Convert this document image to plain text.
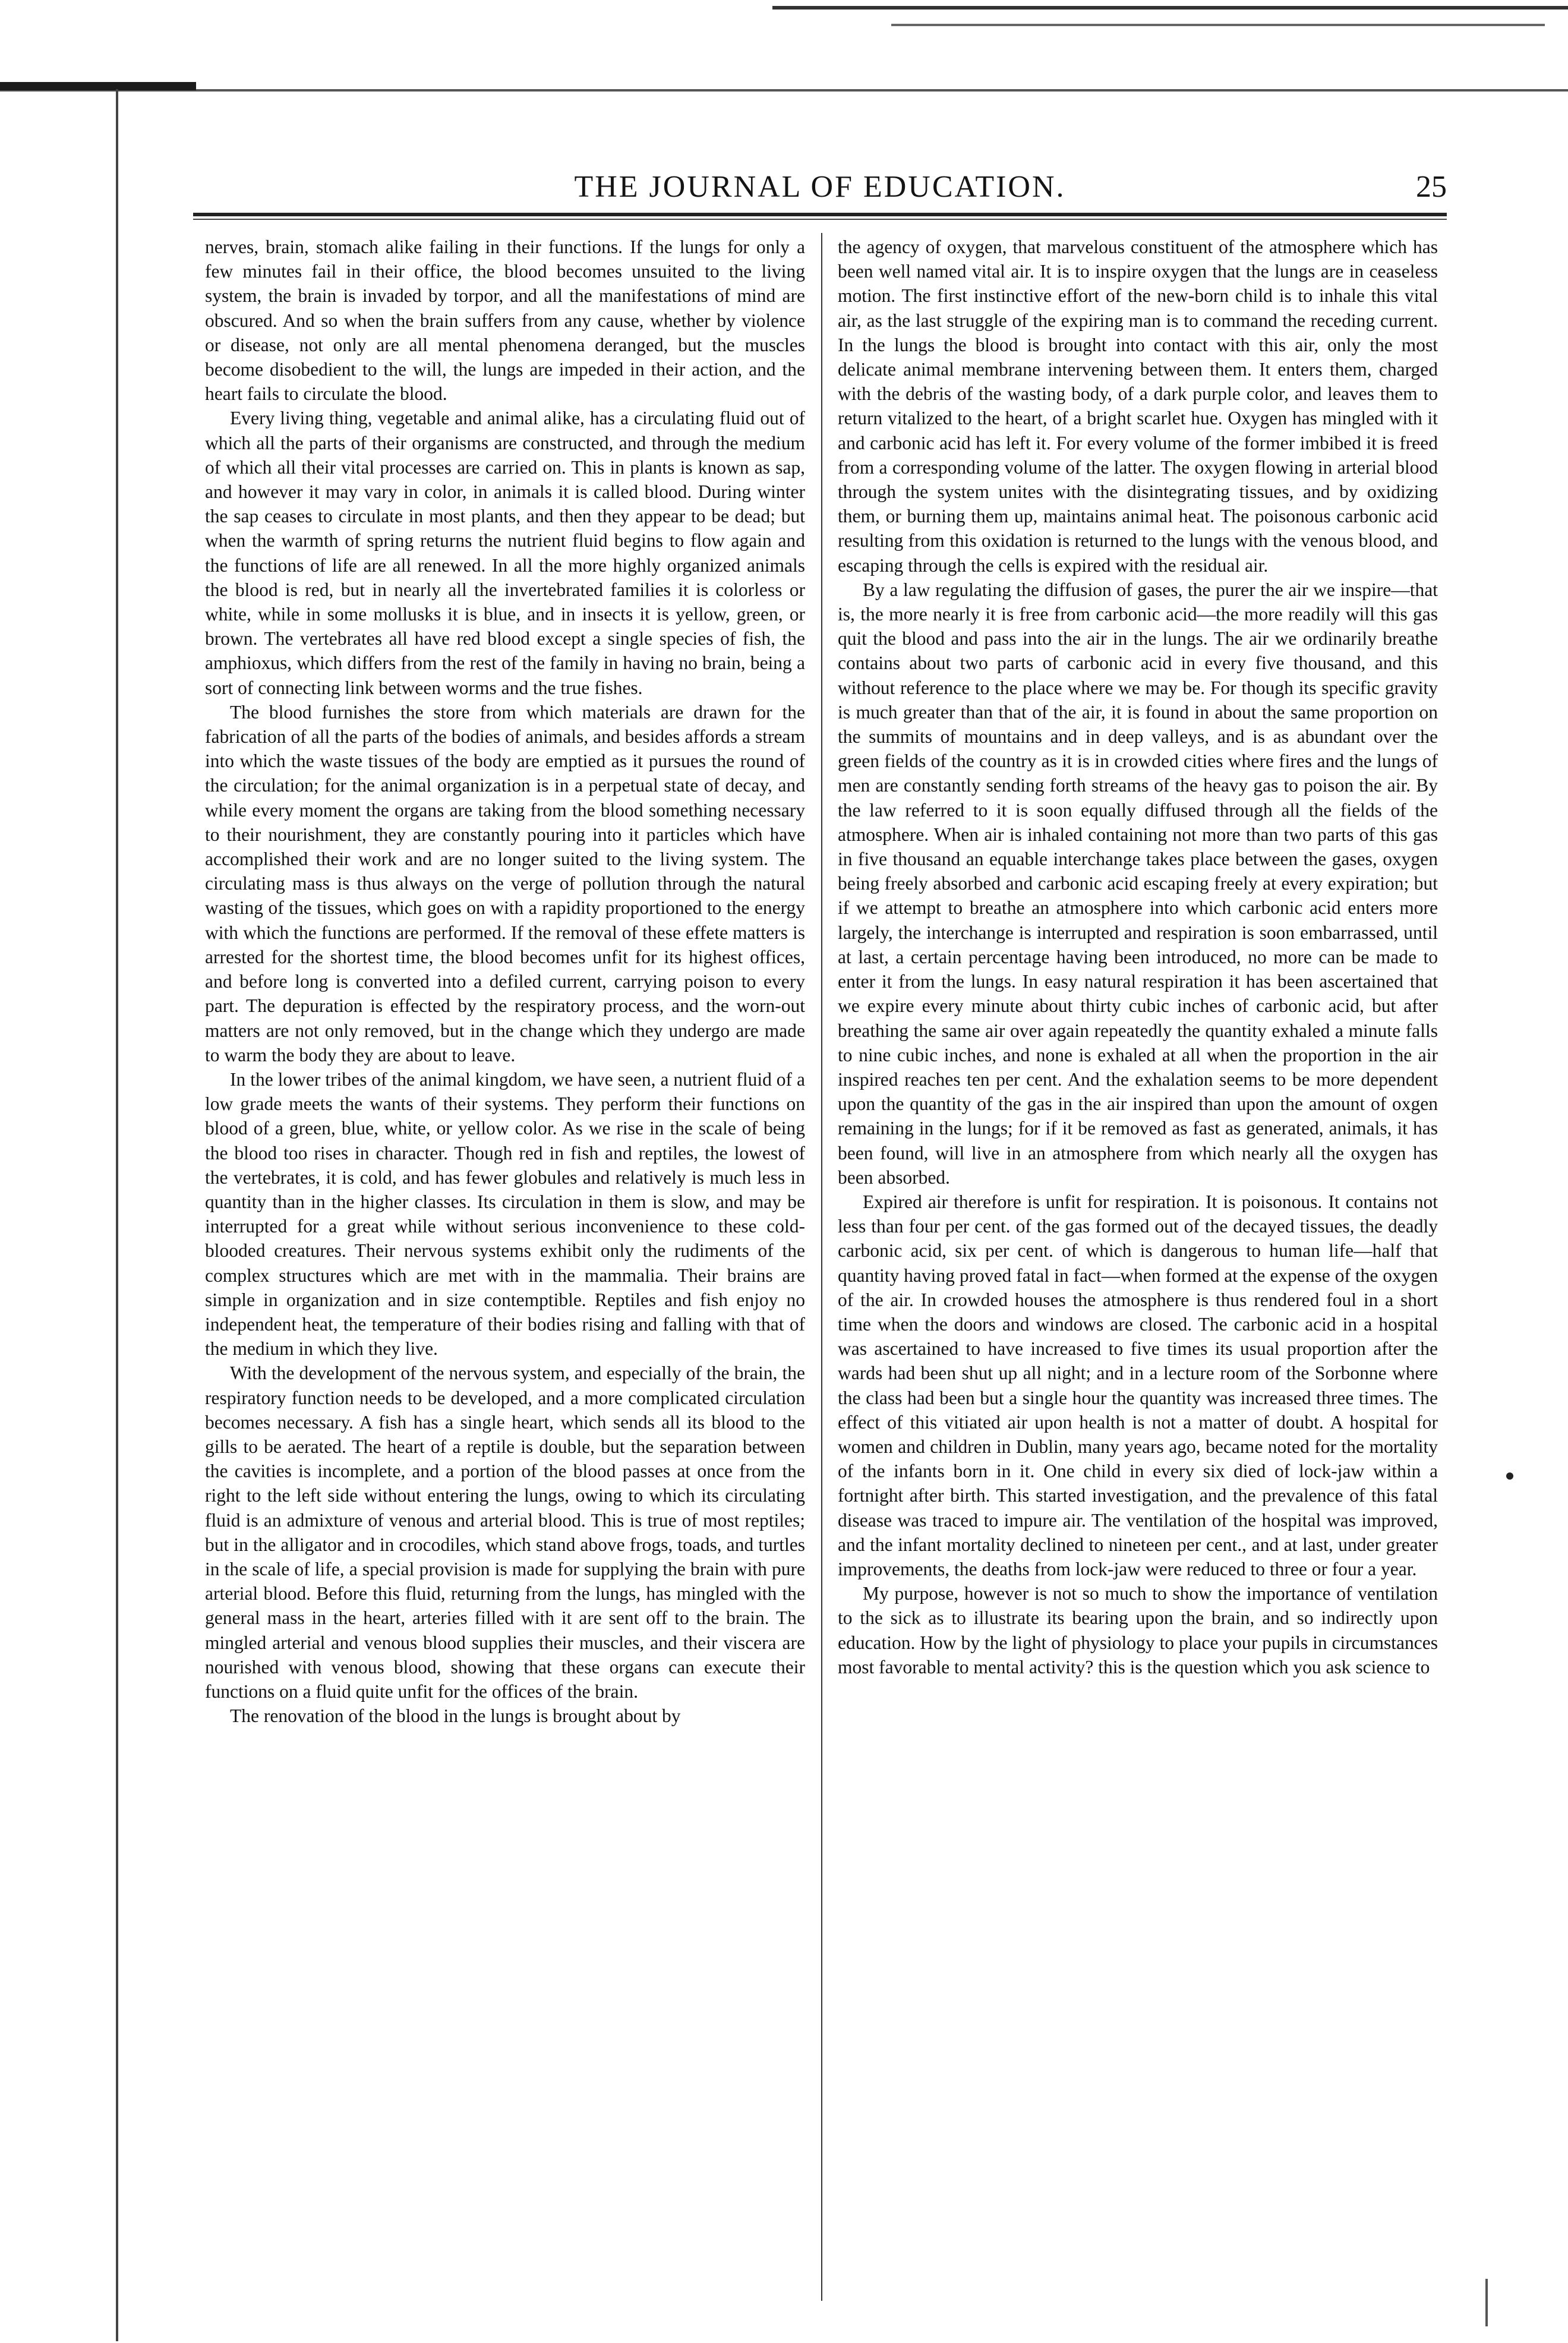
THE JOURNAL OF EDUCATION.	25

nerves, brain, stomach alike failing in their functions. If the lungs for only a few minutes fail in their office, the blood becomes unsuited to the living system, the brain is invaded by torpor, and all the manifestations of mind are obscured. And so when the brain suffers from any cause, whether by violence or disease, not only are all mental phenomena deranged, but the muscles become disobedient to the will, the lungs are impeded in their action, and the heart fails to circulate the blood.

Every living thing, vegetable and animal alike, has a circulating fluid out of which all the parts of their organisms are constructed, and through the medium of which all their vital processes are carried on. This in plants is known as sap, and however it may vary in color, in animals it is called blood. During winter the sap ceases to circulate in most plants, and then they appear to be dead; but when the warmth of spring returns the nutrient fluid begins to flow again and the functions of life are all renewed. In all the more highly organized animals the blood is red, but in nearly all the invertebrated families it is colorless or white, while in some mollusks it is blue, and in insects it is yellow, green, or brown. The vertebrates all have red blood except a single species of fish, the amphioxus, which differs from the rest of the family in having no brain, being a sort of connecting link between worms and the true fishes.

The blood furnishes the store from which materials are drawn for the fabrication of all the parts of the bodies of animals, and besides affords a stream into which the waste tissues of the body are emptied as it pursues the round of the circulation; for the animal organization is in a perpetual state of decay, and while every moment the organs are taking from the blood something necessary to their nourishment, they are constantly pouring into it particles which have accomplished their work and are no longer suited to the living system. The circulating mass is thus always on the verge of pollution through the natural wasting of the tissues, which goes on with a rapidity proportioned to the energy with which the functions are performed. If the removal of these effete matters is arrested for the shortest time, the blood becomes unfit for its highest offices, and before long is converted into a defiled current, carrying poison to every part. The depuration is effected by the respiratory process, and the worn-out matters are not only removed, but in the change which they undergo are made to warm the body they are about to leave.

In the lower tribes of the animal kingdom, we have seen, a nutrient fluid of a low grade meets the wants of their systems. They perform their functions on blood of a green, blue, white, or yellow color. As we rise in the scale of being the blood too rises in character. Though red in fish and reptiles, the lowest of the vertebrates, it is cold, and has fewer globules and relatively is much less in quantity than in the higher classes. Its circulation in them is slow, and may be interrupted for a great while without serious inconvenience to these cold-blooded creatures. Their nervous systems exhibit only the rudiments of the complex structures which are met with in the mammalia. Their brains are simple in organization and in size contemptible. Reptiles and fish enjoy no independent heat, the temperature of their bodies rising and falling with that of the medium in which they live.

With the development of the nervous system, and especially of the brain, the respiratory function needs to be developed, and a more complicated circulation becomes necessary. A fish has a single heart, which sends all its blood to the gills to be aerated. The heart of a reptile is double, but the separation between the cavities is incomplete, and a portion of the blood passes at once from the right to the left side without entering the lungs, owing to which its circulating fluid is an admixture of venous and arterial blood. This is true of most reptiles; but in the alligator and in crocodiles, which stand above frogs, toads, and turtles in the scale of life, a special provision is made for supplying the brain with pure arterial blood. Before this fluid, returning from the lungs, has mingled with the general mass in the heart, arteries filled with it are sent off to the brain. The mingled arterial and venous blood supplies their muscles, and their viscera are nourished with venous blood, showing that these organs can execute their functions on a fluid quite unfit for the offices of the brain.

The renovation of the blood in the lungs is brought about by

the agency of oxygen, that marvelous constituent of the atmosphere which has been well named vital air. It is to inspire oxygen that the lungs are in ceaseless motion. The first instinctive effort of the new-born child is to inhale this vital air, as the last struggle of the expiring man is to command the receding current. In the lungs the blood is brought into contact with this air, only the most delicate animal membrane intervening between them. It enters them, charged with the debris of the wasting body, of a dark purple color, and leaves them to return vitalized to the heart, of a bright scarlet hue. Oxygen has mingled with it and carbonic acid has left it. For every volume of the former imbibed it is freed from a corresponding volume of the latter. The oxygen flowing in arterial blood through the system unites with the disintegrating tissues, and by oxidizing them, or burning them up, maintains animal heat. The poisonous carbonic acid resulting from this oxidation is returned to the lungs with the venous blood, and escaping through the cells is expired with the residual air.

By a law regulating the diffusion of gases, the purer the air we inspire—that is, the more nearly it is free from carbonic acid—the more readily will this gas quit the blood and pass into the air in the lungs. The air we ordinarily breathe contains about two parts of carbonic acid in every five thousand, and this without reference to the place where we may be. For though its specific gravity is much greater than that of the air, it is found in about the same proportion on the summits of mountains and in deep valleys, and is as abundant over the green fields of the country as it is in crowded cities where fires and the lungs of men are constantly sending forth streams of the heavy gas to poison the air. By the law referred to it is soon equally diffused through all the fields of the atmosphere. When air is inhaled containing not more than two parts of this gas in five thousand an equable interchange takes place between the gases, oxygen being freely absorbed and carbonic acid escaping freely at every expiration; but if we attempt to breathe an atmosphere into which carbonic acid enters more largely, the interchange is interrupted and respiration is soon embarrassed, until at last, a certain percentage having been introduced, no more can be made to enter it from the lungs. In easy natural respiration it has been ascertained that we expire every minute about thirty cubic inches of carbonic acid, but after breathing the same air over again repeatedly the quantity exhaled a minute falls to nine cubic inches, and none is exhaled at all when the proportion in the air inspired reaches ten per cent. And the exhalation seems to be more dependent upon the quantity of the gas in the air inspired than upon the amount of oxgen remaining in the lungs; for if it be removed as fast as generated, animals, it has been found, will live in an atmosphere from which nearly all the oxygen has been absorbed.

Expired air therefore is unfit for respiration. It is poisonous. It contains not less than four per cent. of the gas formed out of the decayed tissues, the deadly carbonic acid, six per cent. of which is dangerous to human life—half that quantity having proved fatal in fact—when formed at the expense of the oxygen of the air. In crowded houses the atmosphere is thus rendered foul in a short time when the doors and windows are closed. The carbonic acid in a hospital was ascertained to have increased to five times its usual proportion after the wards had been shut up all night; and in a lecture room of the Sorbonne where the class had been but a single hour the quantity was increased three times. The effect of this vitiated air upon health is not a matter of doubt. A hospital for women and children in Dublin, many years ago, became noted for the mortality of the infants born in it. One child in every six died of lock-jaw within a fortnight after birth. This started investigation, and the prevalence of this fatal disease was traced to impure air. The ventilation of the hospital was improved, and the infant mortality declined to nineteen per cent., and at last, under greater improvements, the deaths from lock-jaw were reduced to three or four a year.

My purpose, however is not so much to show the importance of ventilation to the sick as to illustrate its bearing upon the brain, and so indirectly upon education. How by the light of physiology to place your pupils in circumstances most favorable to mental activity? this is the question which you ask science to
